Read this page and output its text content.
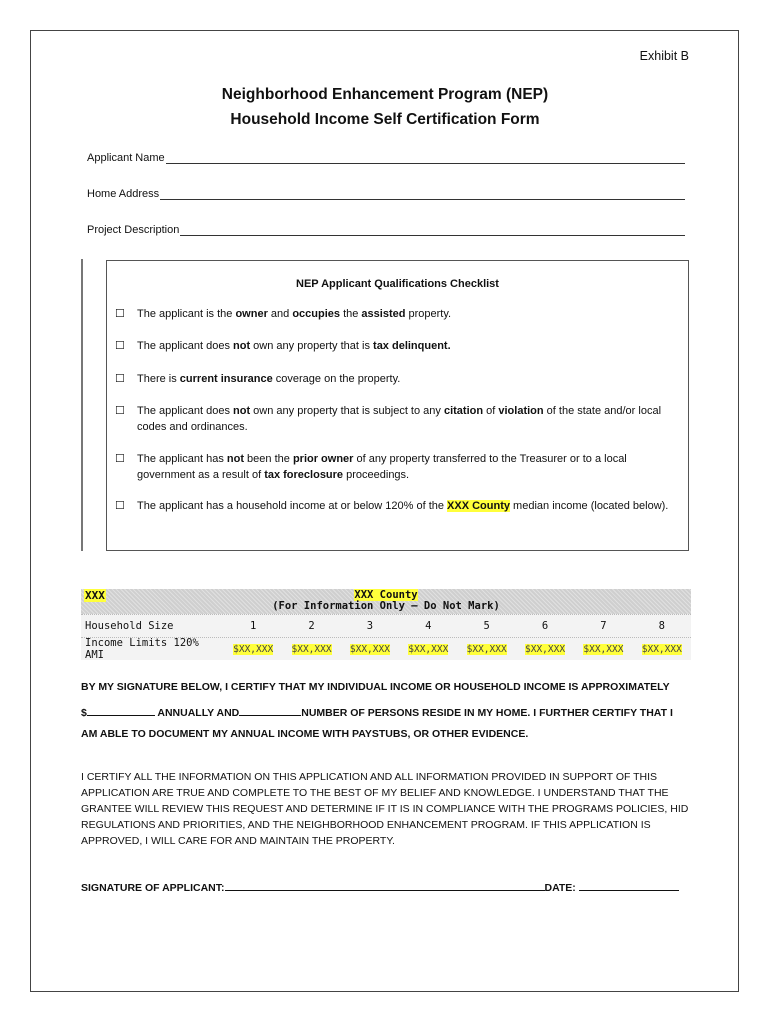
Exhibit B
Neighborhood Enhancement Program (NEP)
Household Income Self Certification Form
Applicant Name
Home Address
Project Description
NEP Applicant Qualifications Checklist
☐	The applicant is the owner and occupies the assisted property.
☐	The applicant does not own any property that is tax delinquent.
☐	There is current insurance coverage on the property.
☐	The applicant does not own any property that is subject to any citation of violation of the state and/or local codes and ordinances.
☐	The applicant has not been the prior owner of any property transferred to the Treasurer or to a local government as a result of tax foreclosure proceedings.
☐	The applicant has a household income at or below 120% of the XXX County median income (located below).
XXX	XXX County
(For Information Only – Do Not Mark)
Household Size	1	2	3	4	5	6	7	8
Income Limits 120% AMI	$XX,XXX	$XX,XXX	$XX,XXX	$XX,XXX	$XX,XXX	$XX,XXX	$XX,XXX	$XX,XXX
BY MY SIGNATURE BELOW, I CERTIFY THAT MY INDIVIDUAL INCOME OR HOUSEHOLD INCOME IS APPROXIMATELY
$	ANNUALLY AND	NUMBER OF PERSONS RESIDE IN MY HOME. I FURTHER CERTIFY THAT I
AM ABLE TO DOCUMENT MY ANNUAL INCOME WITH PAYSTUBS, OR OTHER EVIDENCE.
I CERTIFY ALL THE INFORMATION ON THIS APPLICATION AND ALL INFORMATION PROVIDED IN SUPPORT OF THIS APPLICATION ARE TRUE AND COMPLETE TO THE BEST OF MY BELIEF AND KNOWLEDGE. I UNDERSTAND THAT THE GRANTEE WILL REVIEW THIS REQUEST AND DETERMINE IF IT IS IN COMPLIANCE WITH THE PROGRAMS POLICIES, HID REGULATIONS AND PRIORITIES, AND THE NEIGHBORHOOD ENHANCEMENT PROGRAM. IF THIS APPLICATION IS APPROVED, I WILL CARE FOR AND MAINTAIN THE PROPERTY.
SIGNATURE OF APPLICANT:	DATE:
